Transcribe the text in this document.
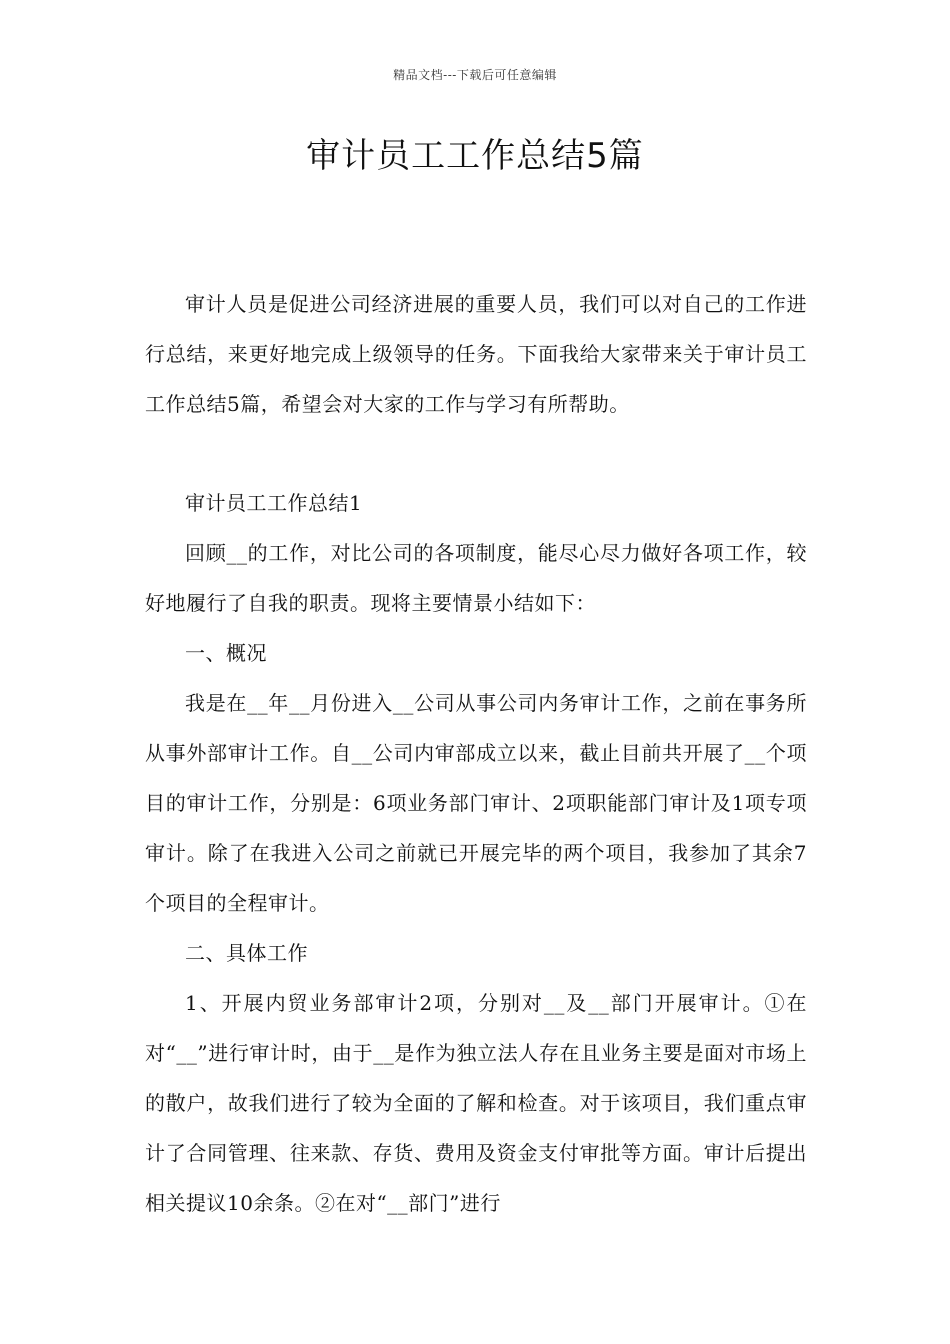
精品文档---下载后可任意编辑
审计员工工作总结5篇

审计人员是促进公司经济进展的重要人员，我们可以对自己的工作进行总结，来更好地完成上级领导的任务。下面我给大家带来关于审计员工工作总结5篇，希望会对大家的工作与学习有所帮助。

审计员工工作总结1

回顾__的工作，对比公司的各项制度，能尽心尽力做好各项工作，较好地履行了自我的职责。现将主要情景小结如下：

一、概况

我是在__年__月份进入__公司从事公司内务审计工作，之前在事务所从事外部审计工作。自__公司内审部成立以来，截止目前共开展了__个项目的审计工作，分别是：6项业务部门审计、2项职能部门审计及1项专项审计。除了在我进入公司之前就已开展完毕的两个项目，我参加了其余7个项目的全程审计。

二、具体工作

1、开展内贸业务部审计2项，分别对__及__部门开展审计。①在对“__”进行审计时，由于__是作为独立法人存在且业务主要是面对市场上的散户，故我们进行了较为全面的了解和检查。对于该项目，我们重点审计了合同管理、往来款、存货、费用及资金支付审批等方面。审计后提出相关提议10余条。②在对“__部门”进行
